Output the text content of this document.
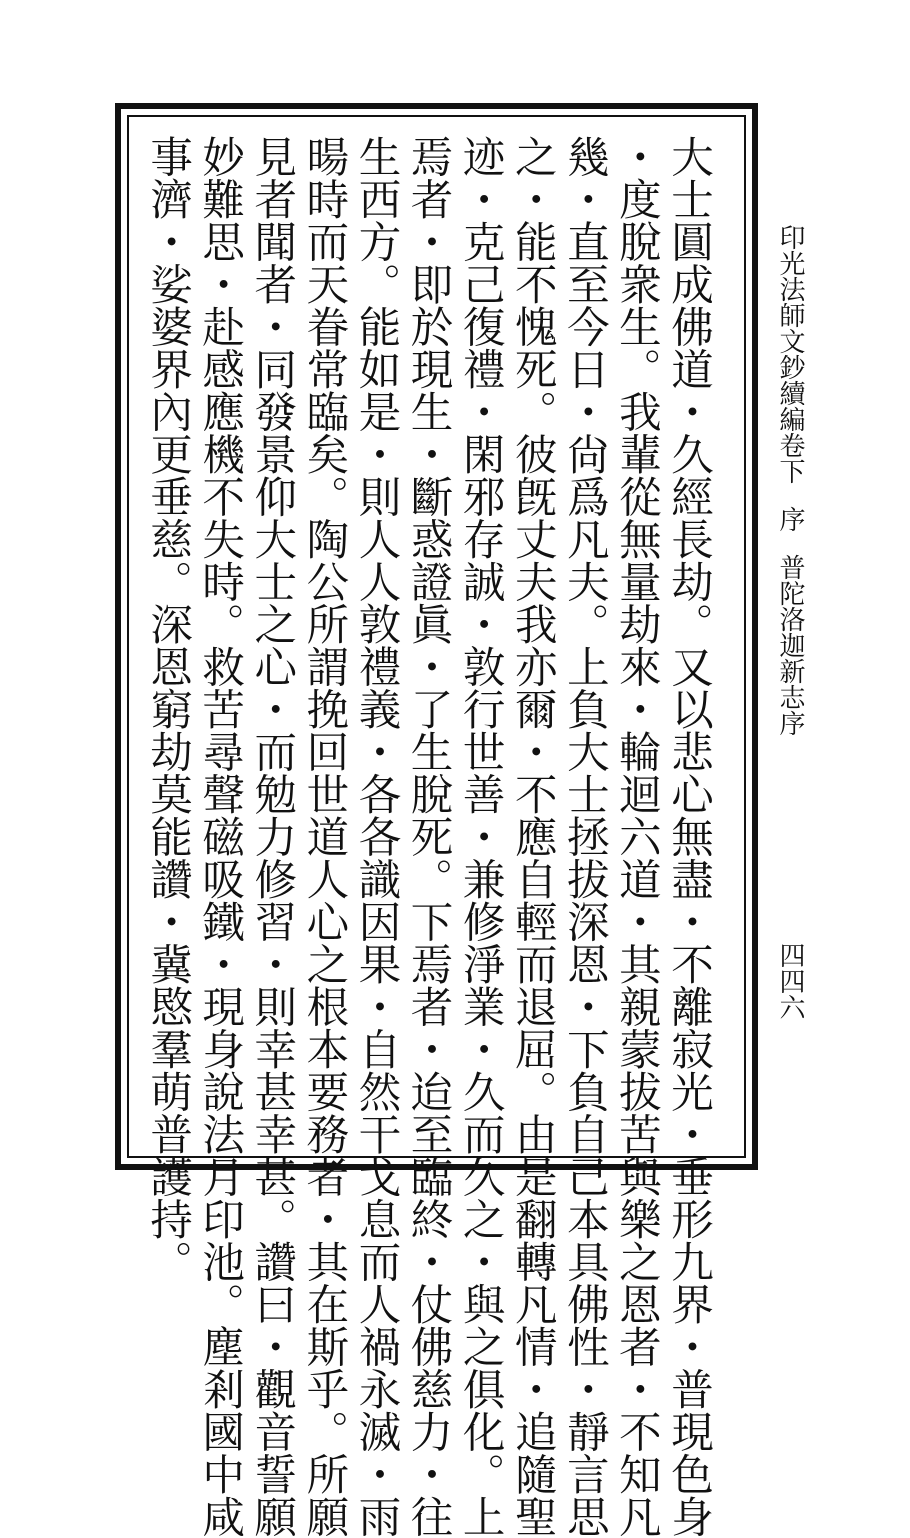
大士圓成佛道・久經長劫。又以悲心無盡・不離寂光・垂形九界・普現色身
・度脫衆生。我輩從無量劫來・輪迴六道・其親蒙拔苦與樂之恩者・不知凡
幾・直至今日・尙爲凡夫。上負大士拯拔深恩・下負自己本具佛性・靜言思
之・能不愧死。彼旣丈夫我亦爾・不應自輕而退屈。由是翻轉凡情・追隨聖
迹・克己復禮・閑邪存誠・敦行世善・兼修淨業・久而久之・與之俱化。上
焉者・即於現生・斷惑證眞・了生脫死。下焉者・迨至臨終・仗佛慈力・往
生西方。能如是・則人人敦禮義・各各識因果・自然干戈息而人禍永滅・雨
暘時而天眷常臨矣。陶公所謂挽回世道人心之根本要務者・其在斯乎。所願
見者聞者・同發景仰大士之心・而勉力修習・則幸甚幸甚。讚曰・觀音誓願
妙難思・赴感應機不失時。救苦尋聲磁吸鐵・現身說法月印池。塵剎國中咸
事濟・娑婆界內更垂慈。深恩窮劫莫能讚・冀愍羣萌普護持。	印光法師文鈔續編卷下序普陀洛迦新志序
四四六
